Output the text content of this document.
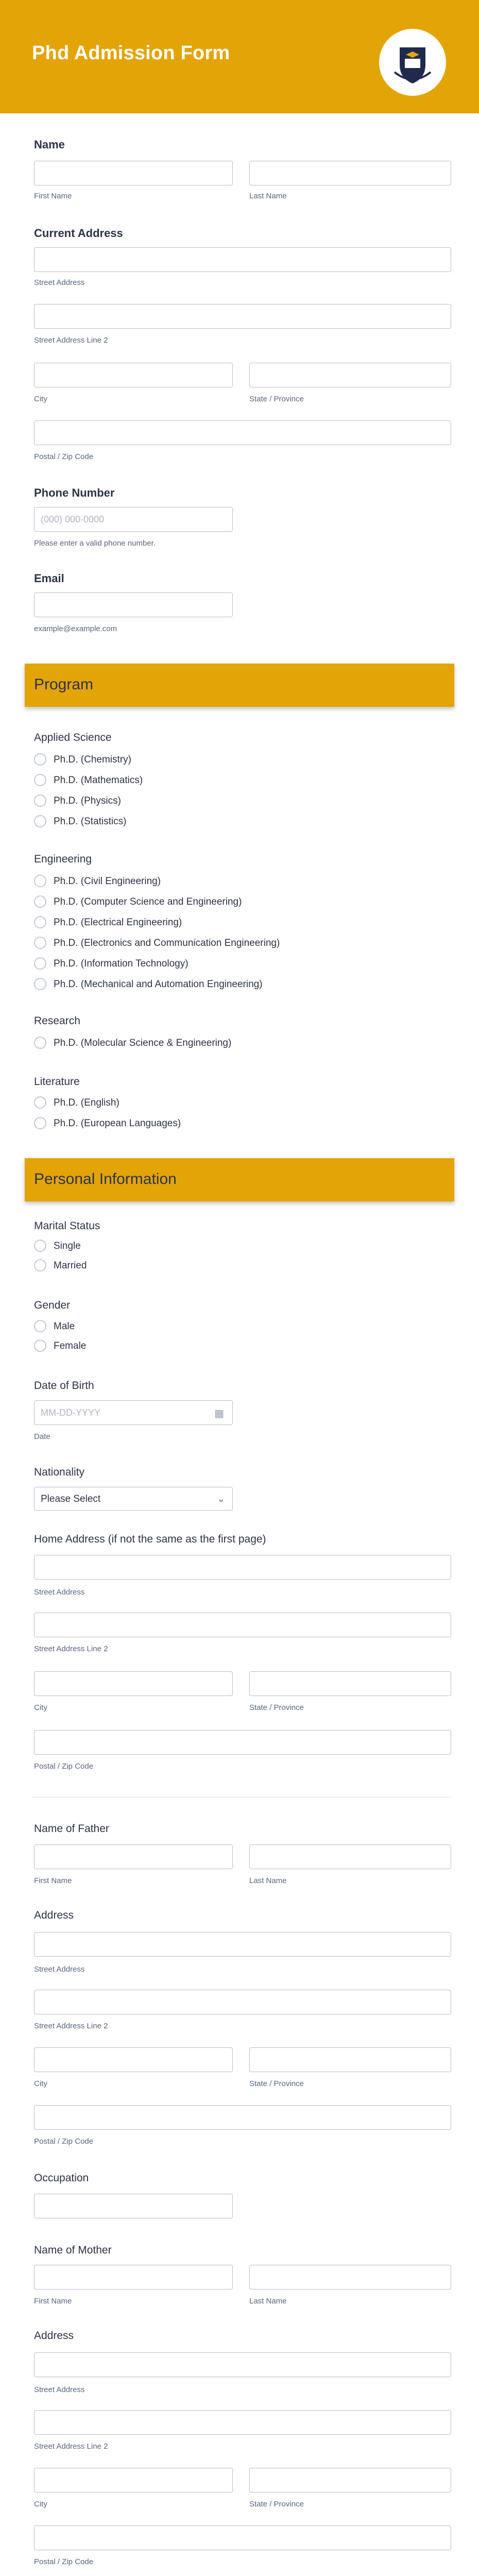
Phd Admission Form
Name
First Name	Last Name
Current Address
Street Address
Street Address Line 2
City	State / Province
Postal / Zip Code
Phone Number
(000) 000-0000
Please enter a valid phone number.
Email
example@example.com
Program
Applied Science
Ph.D. (Chemistry)
Ph.D. (Mathematics)
Ph.D. (Physics)
Ph.D. (Statistics)
Engineering
Ph.D. (Civil Engineering)
Ph.D. (Computer Science and Engineering)
Ph.D. (Electrical Engineering)
Ph.D. (Electronics and Communication Engineering)
Ph.D. (Information Technology)
Ph.D. (Mechanical and Automation Engineering)
Research
Ph.D. (Molecular Science & Engineering)
Literature
Ph.D. (English)
Ph.D. (European Languages)
Personal Information
Marital Status
Single
Married
Gender
Male
Female
Date of Birth
MM-DD-YYYY	▦
Date
Nationality
Please Select	⌄
Home Address (if not the same as the first page)
Street Address
Street Address Line 2
City	State / Province
Postal / Zip Code
Name of Father
First Name	Last Name
Address
Street Address
Street Address Line 2
City	State / Province
Postal / Zip Code
Occupation
Name of Mother
First Name	Last Name
Address
Street Address
Street Address Line 2
City	State / Province
Postal / Zip Code
